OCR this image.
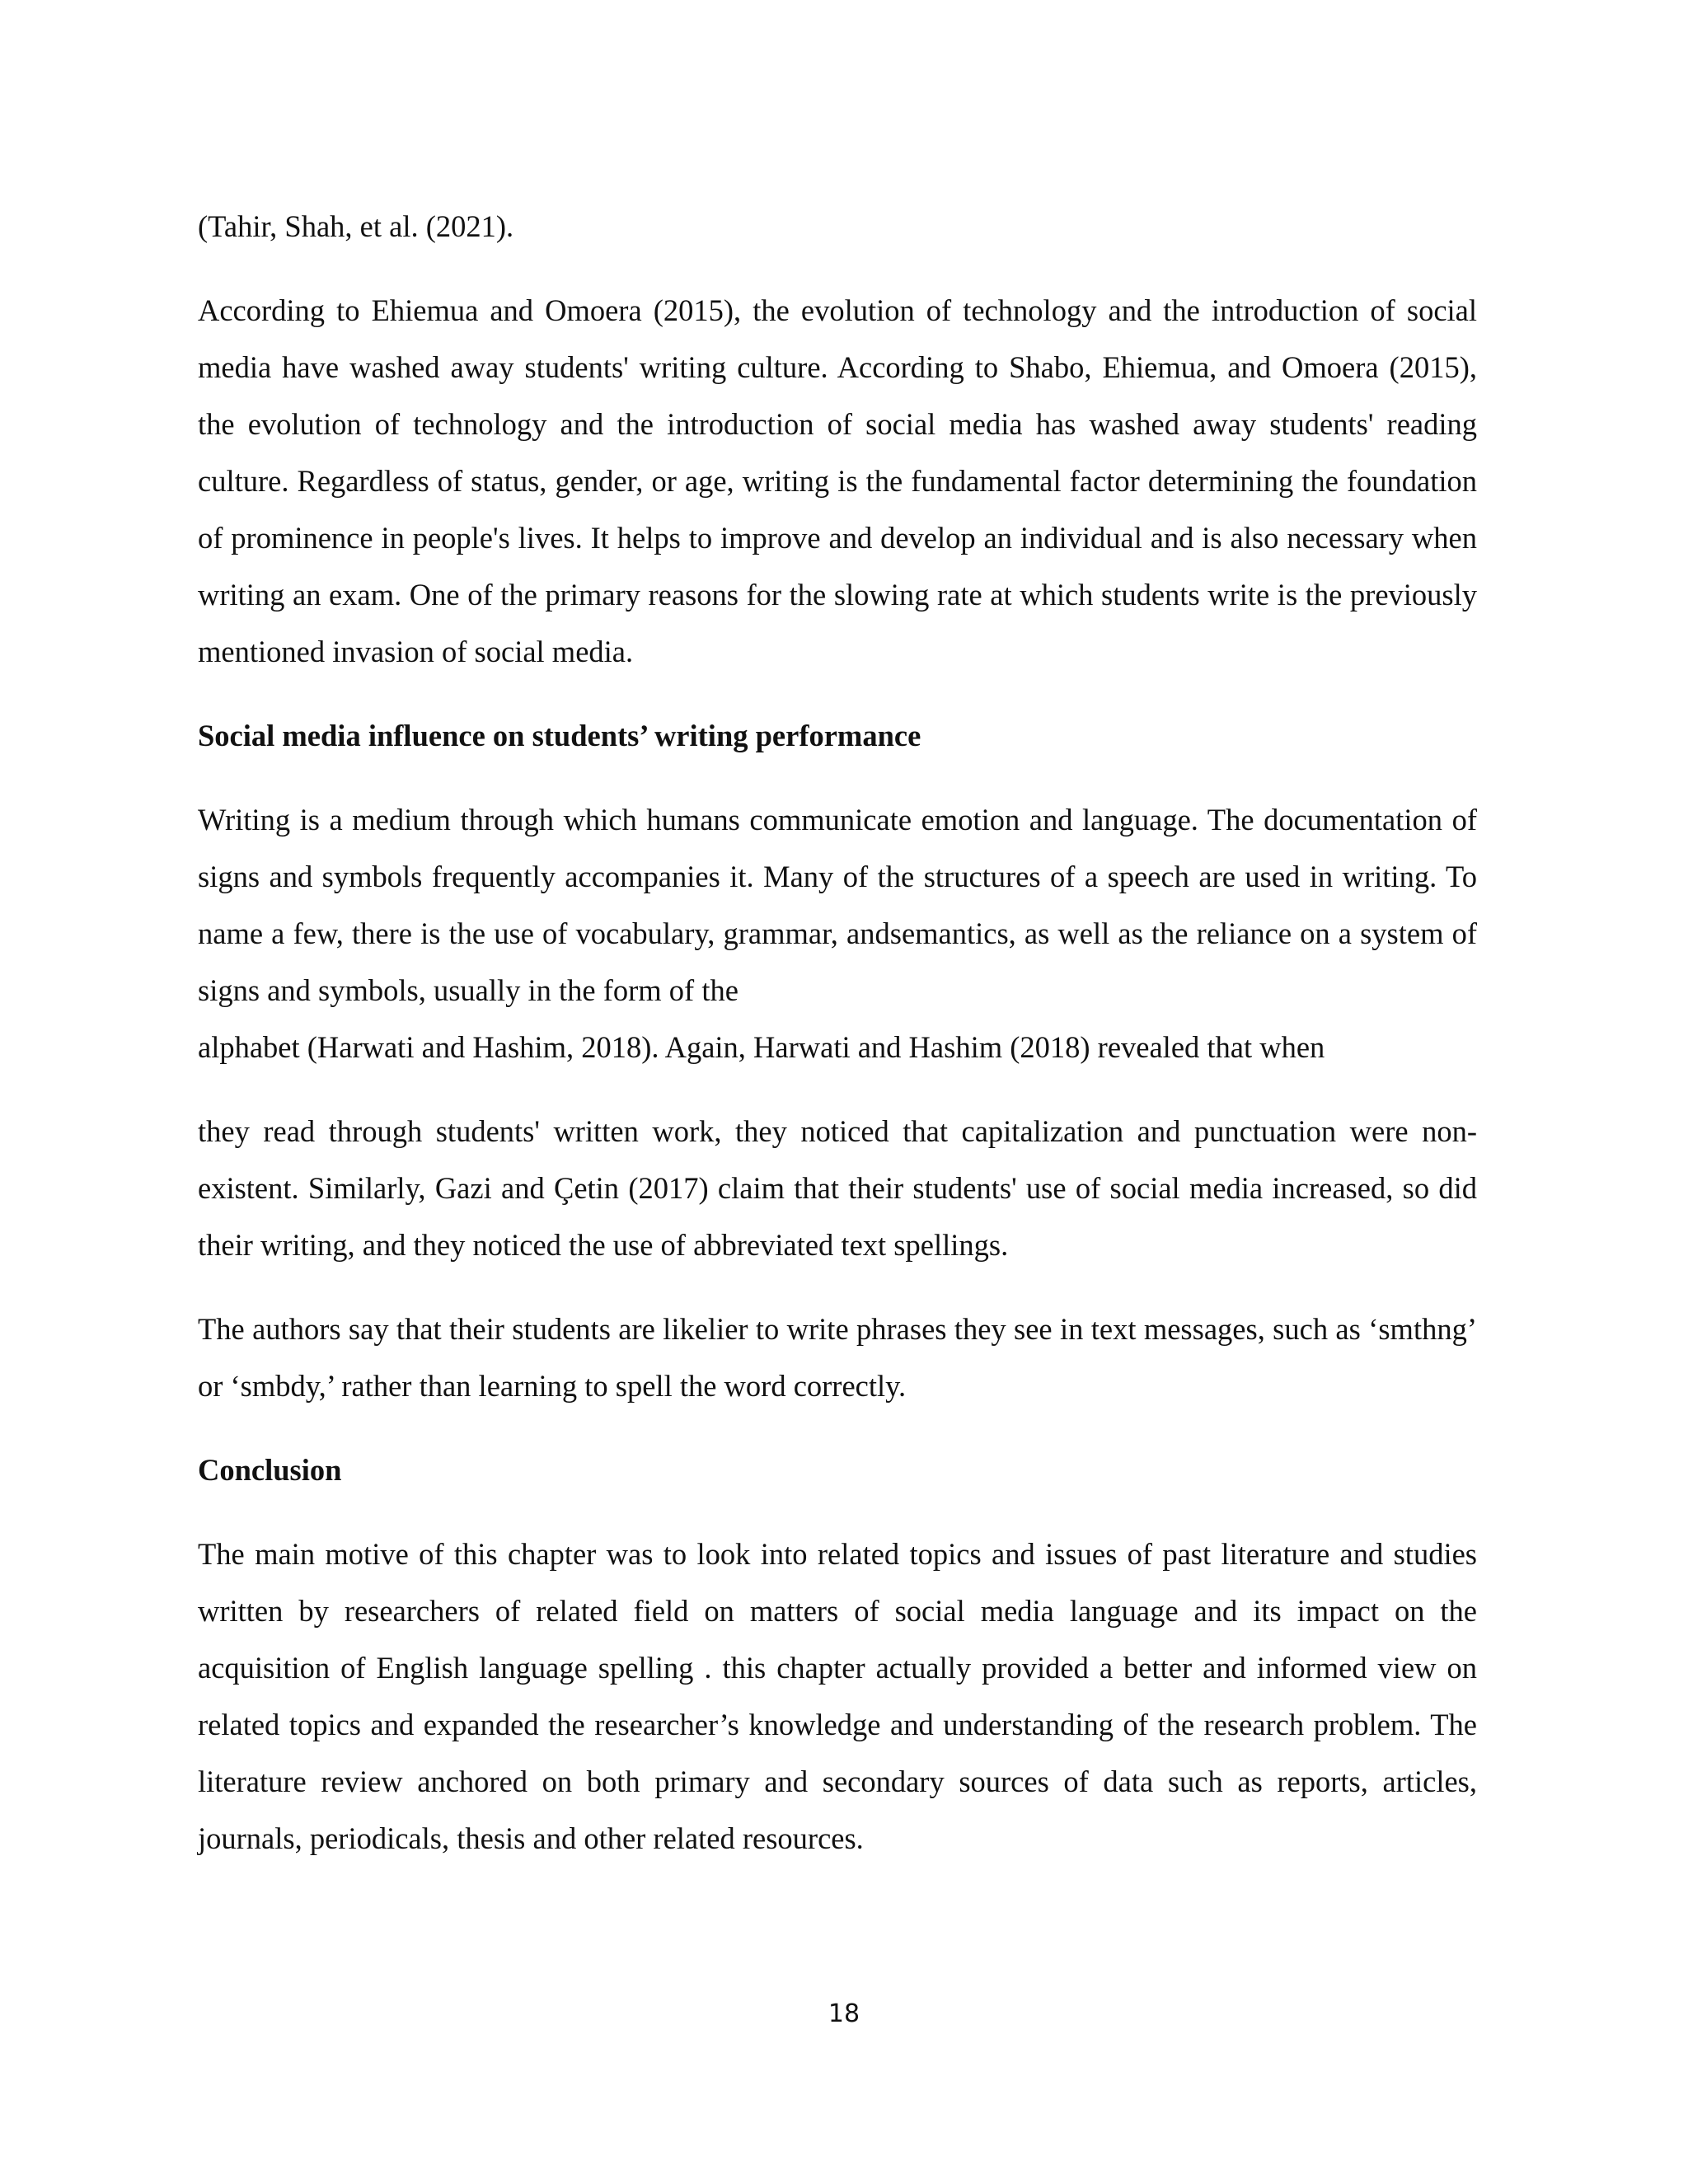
(Tahir, Shah, et al. (2021).

According to Ehiemua and Omoera (2015), the evolution of technology and the introduction of social media have washed away students' writing culture. According to Shabo, Ehiemua, and Omoera (2015), the evolution of technology and the introduction of social media has washed away students' reading culture. Regardless of status, gender, or age, writing is the fundamental factor determining the foundation of prominence in people's lives. It helps to improve and develop an individual and is also necessary when writing an exam. One of the primary reasons for the slowing rate at which students write is the previously mentioned invasion of social media.

Social media influence on students’ writing performance

Writing is a medium through which humans communicate emotion and language. The documentation of signs and symbols frequently accompanies it. Many of the structures of a speech are used in writing. To name a few, there is the use of vocabulary, grammar, andsemantics, as well as the reliance on a system of signs and symbols, usually in the form of the

alphabet (Harwati and Hashim, 2018). Again, Harwati and Hashim (2018) revealed that when

they read through students' written work, they noticed that capitalization and punctuation were non-existent. Similarly, Gazi and Çetin (2017) claim that their students' use of social media increased, so did their writing, and they noticed the use of abbreviated text spellings.

The authors say that their students are likelier to write phrases they see in text messages, such as ‘smthng’ or ‘smbdy,’ rather than learning to spell the word correctly.

Conclusion

The main motive of this chapter was to look into related topics and issues of past literature and studies written by researchers of related field on matters of social media language and its impact on the acquisition of English language spelling . this chapter actually provided a better and informed view on related topics and expanded the researcher’s knowledge and understanding of the research problem. The literature review anchored on both primary and secondary sources of data such as reports, articles, journals, periodicals, thesis and other related resources.

18
